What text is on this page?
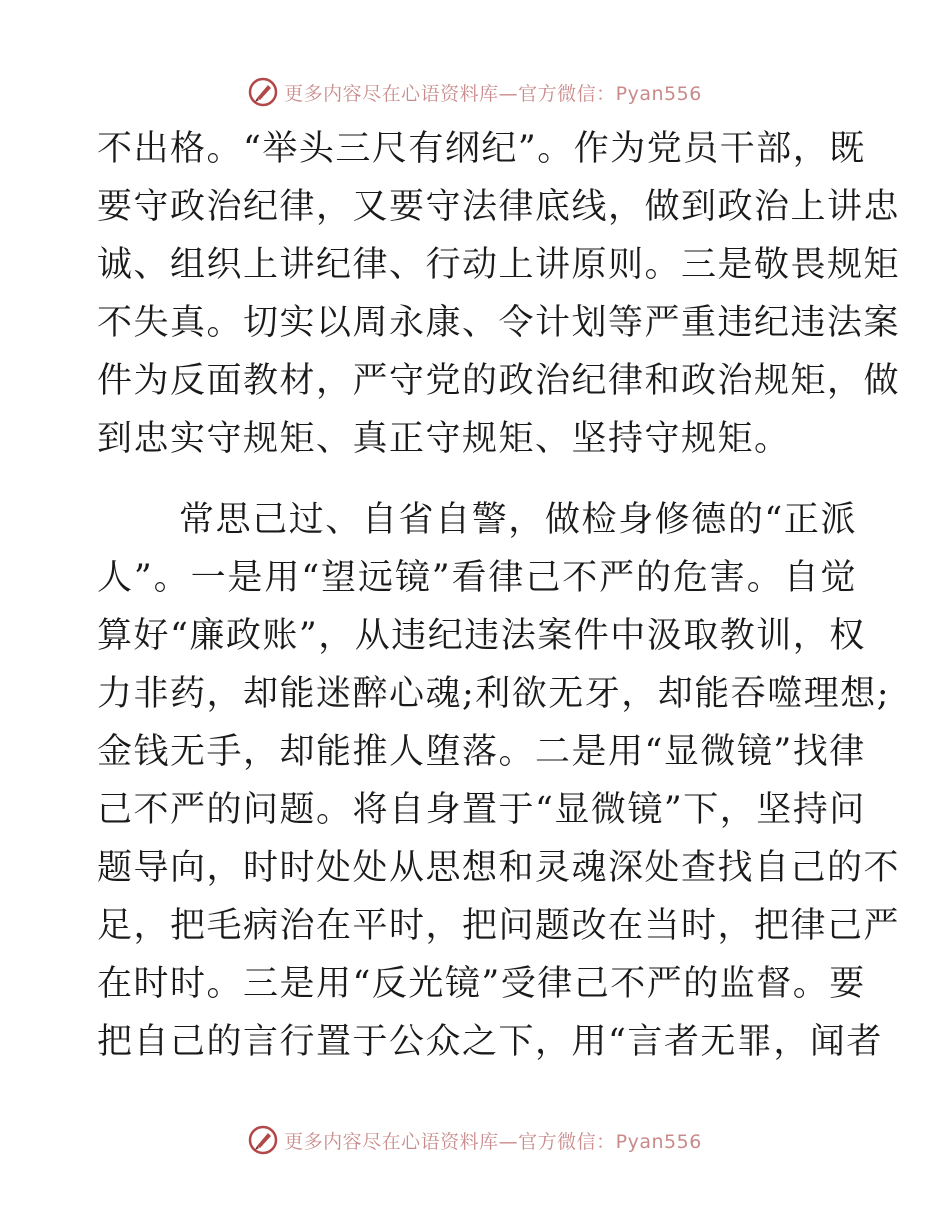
更多内容尽在心语资料库—官方微信：Pyan556
不出格。“举头三尺有纲纪”。作为党员干部，既
要守政治纪律，又要守法律底线，做到政治上讲忠
诚、组织上讲纪律、行动上讲原则。三是敬畏规矩
不失真。切实以周永康、令计划等严重违纪违法案
件为反面教材，严守党的政治纪律和政治规矩，做
到忠实守规矩、真正守规矩、坚持守规矩。
常思己过、自省自警，做检身修德的“正派
人”。一是用“望远镜”看律己不严的危害。自觉
算好“廉政账”，从违纪违法案件中汲取教训，权
力非药，却能迷醉心魂;利欲无牙，却能吞噬理想;
金钱无手，却能推人堕落。二是用“显微镜”找律
己不严的问题。将自身置于“显微镜”下，坚持问
题导向，时时处处从思想和灵魂深处查找自己的不
足，把毛病治在平时，把问题改在当时，把律己严
在时时。三是用“反光镜”受律己不严的监督。要
把自己的言行置于公众之下，用“言者无罪，闻者
更多内容尽在心语资料库—官方微信：Pyan556
